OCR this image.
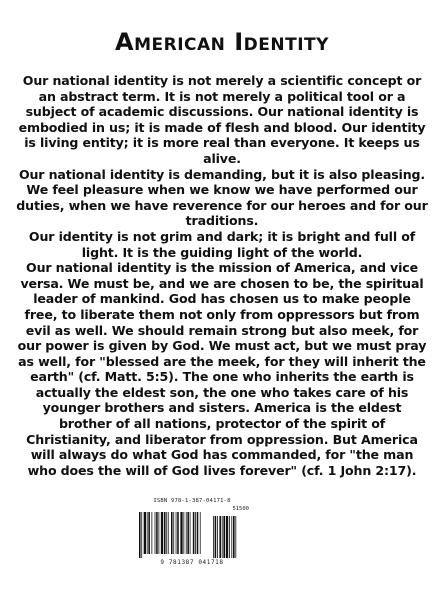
American Identity

Our national identity is not merely a scientific concept or an abstract term. It is not merely a political tool or a subject of academic discussions. Our national identity is embodied in us; it is made of flesh and blood. Our identity is living entity; it is more real than everyone. It keeps us alive.

Our national identity is demanding, but it is also pleasing. We feel pleasure when we know we have performed our duties, when we have reverence for our heroes and for our traditions.

Our identity is not grim and dark; it is bright and full of light. It is the guiding light of the world.

Our national identity is the mission of America, and vice versa. We must be, and we are chosen to be, the spiritual leader of mankind. God has chosen us to make people free, to liberate them not only from oppressors but from evil as well. We should remain strong but also meek, for our power is given by God. We must act, but we must pray as well, for "blessed are the meek, for they will inherit the earth" (cf. Matt. 5:5). The one who inherits the earth is actually the eldest son, the one who takes care of his younger brothers and sisters. America is the eldest brother of all nations, protector of the spirit of Christianity, and liberator from oppression. But America will always do what God has commanded, for "the man who does the will of God lives forever" (cf. 1 John 2:17).

ISBN 978-1-387-04171-8
51500
9 781387 041718
